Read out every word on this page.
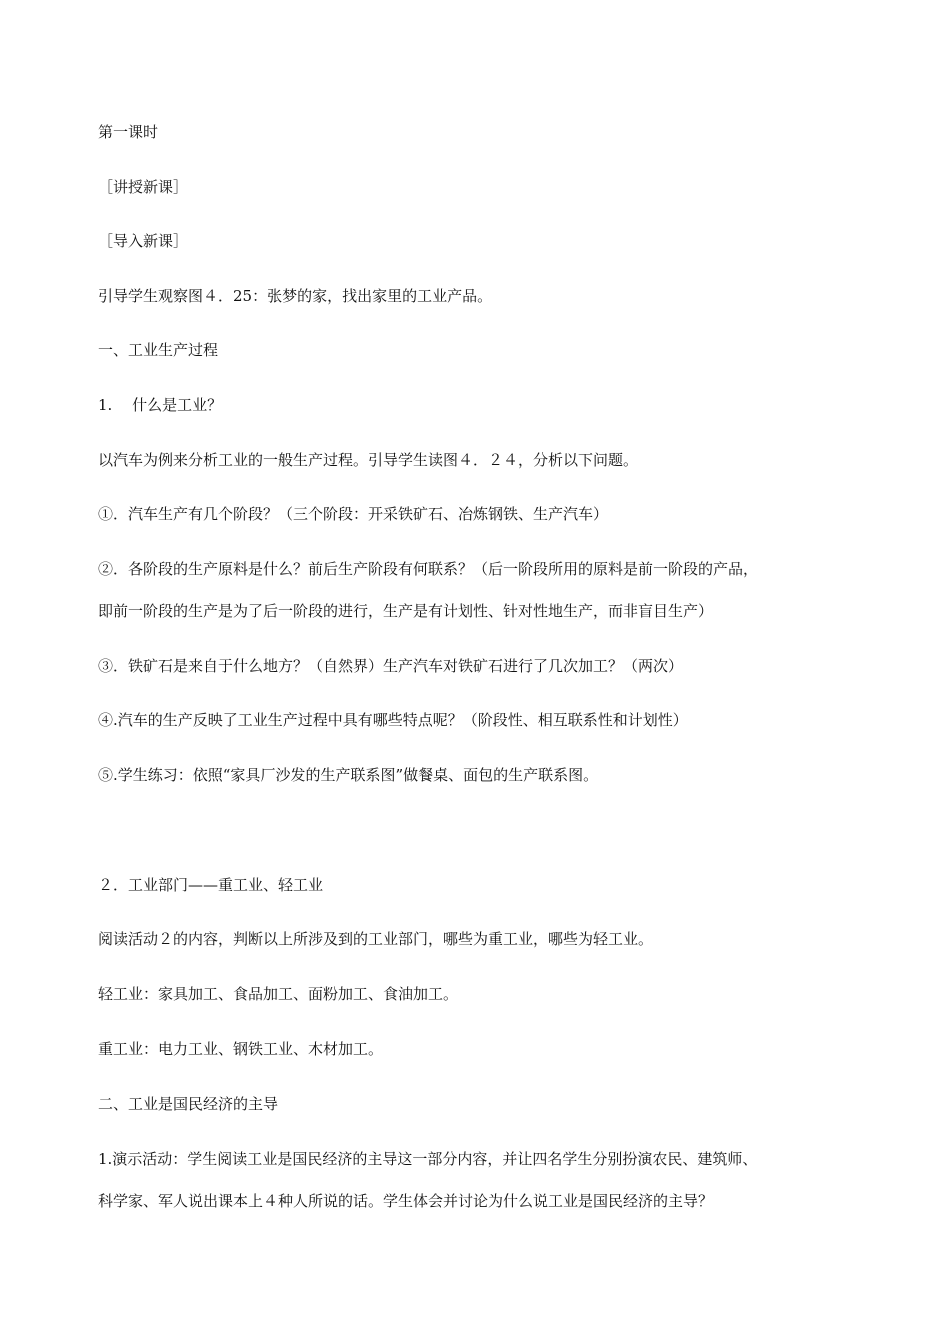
第一课时
［讲授新课］
［导入新课］
引导学生观察图４．25：张梦的家，找出家里的工业产品。
一、工业生产过程
1.　 什么是工业？
以汽车为例来分析工业的一般生产过程。引导学生读图４．２４，分析以下问题。
①．汽车生产有几个阶段？（三个阶段：开采铁矿石、冶炼钢铁、生产汽车）
②．各阶段的生产原料是什么？前后生产阶段有何联系？（后一阶段所用的原料是前一阶段的产品，
即前一阶段的生产是为了后一阶段的进行，生产是有计划性、针对性地生产，而非盲目生产）
③．铁矿石是来自于什么地方？（自然界）生产汽车对铁矿石进行了几次加工？（两次）
④.汽车的生产反映了工业生产过程中具有哪些特点呢？（阶段性、相互联系性和计划性）
⑤.学生练习：依照“家具厂沙发的生产联系图”做餐桌、面包的生产联系图。
２．工业部门——重工业、轻工业
阅读活动２的内容，判断以上所涉及到的工业部门，哪些为重工业，哪些为轻工业。
轻工业：家具加工、食品加工、面粉加工、食油加工。
重工业：电力工业、钢铁工业、木材加工。
二、工业是国民经济的主导
1.演示活动：学生阅读工业是国民经济的主导这一部分内容，并让四名学生分别扮演农民、建筑师、
科学家、军人说出课本上４种人所说的话。学生体会并讨论为什么说工业是国民经济的主导？
